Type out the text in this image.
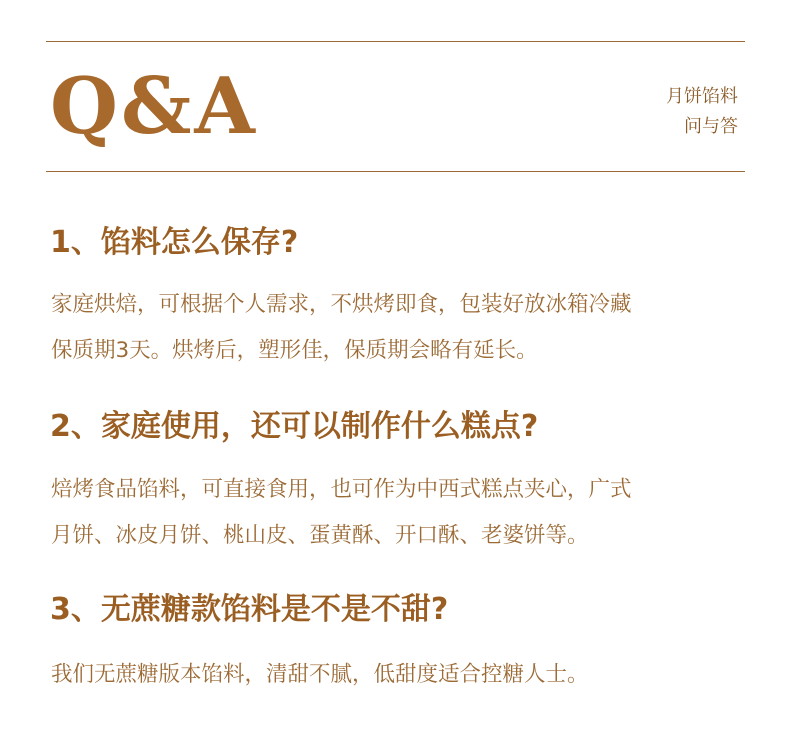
Q&A	月饼馅料
问与答
1、馅料怎么保存?
家庭烘焙，可根据个人需求，不烘烤即食，包装好放冰箱冷藏
保质期3天。烘烤后，塑形佳，保质期会略有延长。
2、家庭使用，还可以制作什么糕点?
焙烤食品馅料，可直接食用，也可作为中西式糕点夹心，广式
月饼、冰皮月饼、桃山皮、蛋黄酥、开口酥、老婆饼等。
3、无蔗糖款馅料是不是不甜?
我们无蔗糖版本馅料，清甜不腻，低甜度适合控糖人士。
